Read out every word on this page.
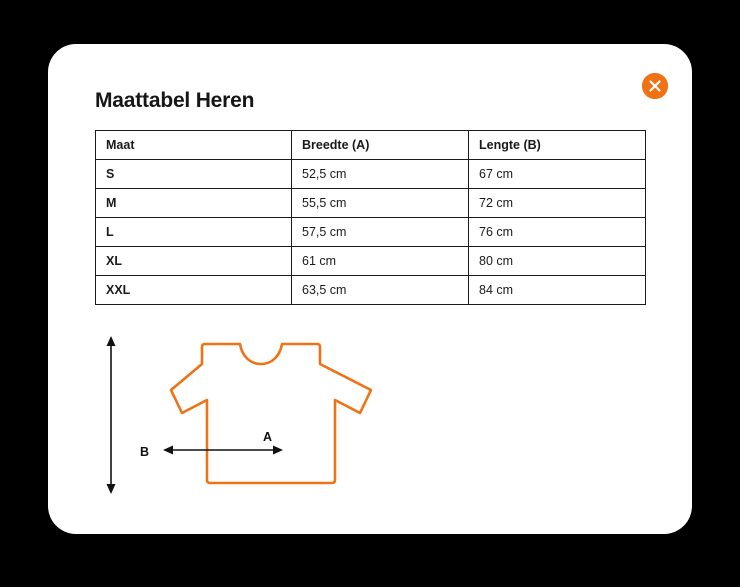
Maattabel Heren
Maat	Breedte (A)	Lengte (B)
S	52,5 cm	67 cm
M	55,5 cm	72 cm
L	57,5 cm	76 cm
XL	61 cm	80 cm
XXL	63,5 cm	84 cm
A
B
